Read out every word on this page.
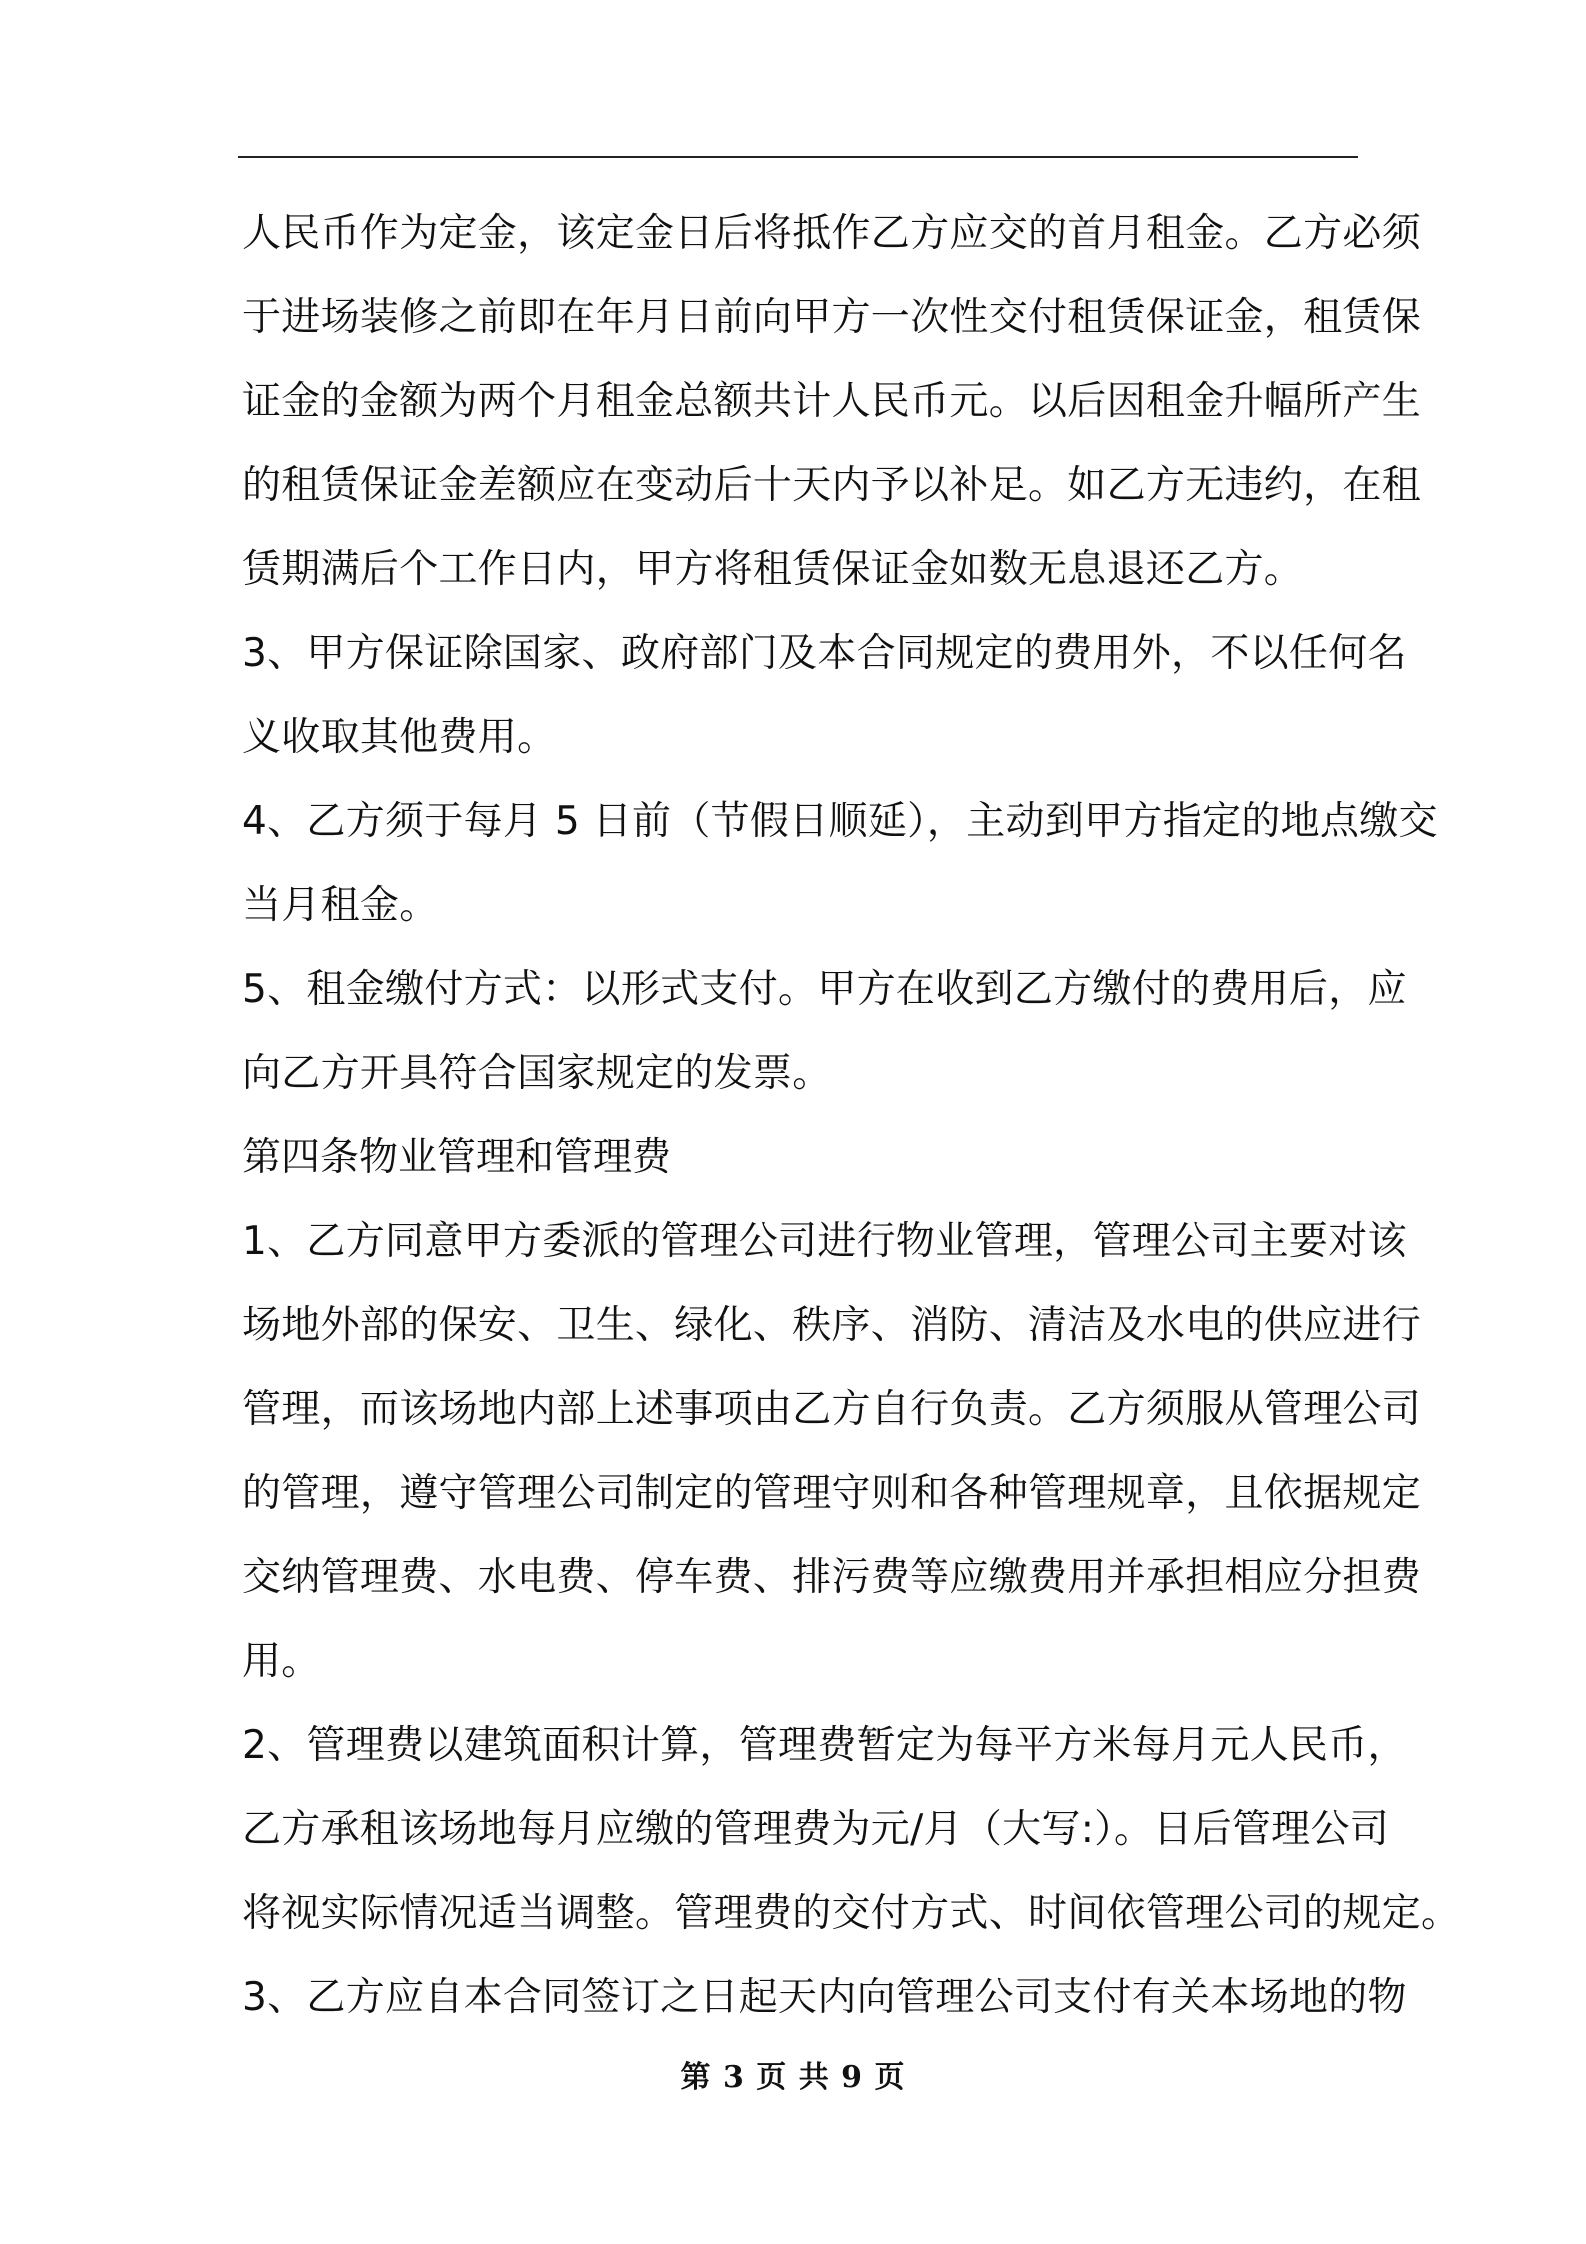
人民币作为定金，该定金日后将抵作乙方应交的首月租金。乙方必须
于进场装修之前即在年月日前向甲方一次性交付租赁保证金，租赁保
证金的金额为两个月租金总额共计人民币元。以后因租金升幅所产生
的租赁保证金差额应在变动后十天内予以补足。如乙方无违约，在租
赁期满后个工作日内，甲方将租赁保证金如数无息退还乙方。
3、甲方保证除国家、政府部门及本合同规定的费用外，不以任何名
义收取其他费用。
4、乙方须于每月 5 日前（节假日顺延），主动到甲方指定的地点缴交
当月租金。
5、租金缴付方式：以形式支付。甲方在收到乙方缴付的费用后，应
向乙方开具符合国家规定的发票。
第四条物业管理和管理费
1、乙方同意甲方委派的管理公司进行物业管理，管理公司主要对该
场地外部的保安、卫生、绿化、秩序、消防、清洁及水电的供应进行
管理，而该场地内部上述事项由乙方自行负责。乙方须服从管理公司
的管理，遵守管理公司制定的管理守则和各种管理规章，且依据规定
交纳管理费、水电费、停车费、排污费等应缴费用并承担相应分担费
用。
2、管理费以建筑面积计算，管理费暂定为每平方米每月元人民币，
乙方承租该场地每月应缴的管理费为元/月（大写:）。日后管理公司
将视实际情况适当调整。管理费的交付方式、时间依管理公司的规定。
3、乙方应自本合同签订之日起天内向管理公司支付有关本场地的物
第 3 页 共 9 页
